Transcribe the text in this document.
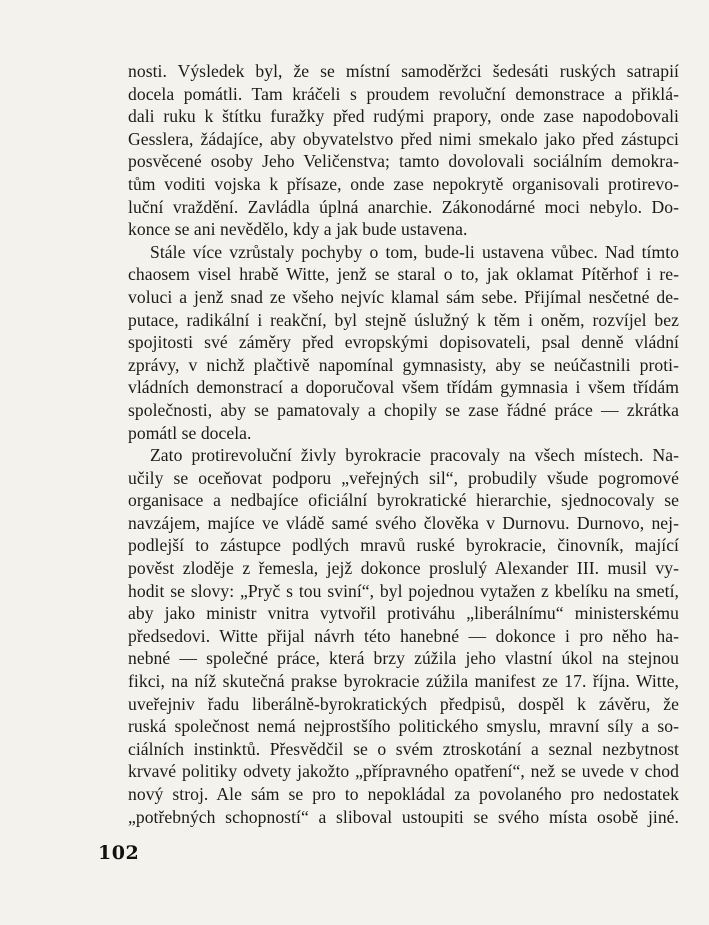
nosti. Výsledek byl, že se místní samoděržci šedesáti ruských satrapií
docela pomátli. Tam kráčeli s proudem revoluční demonstrace a přiklá-
dali ruku k štítku furažky před rudými prapory, onde zase napodobovali
Gesslera, žádajíce, aby obyvatelstvo před nimi smekalo jako před zástupci
posvěcené osoby Jeho Veličenstva; tamto dovolovali sociálním demokra-
tům voditi vojska k přísaze, onde zase nepokrytě organisovali protirevo-
luční vraždění. Zavládla úplná anarchie. Zákonodárné moci nebylo. Do-
konce se ani nevědělo, kdy a jak bude ustavena.
Stále více vzrůstaly pochyby o tom, bude-li ustavena vůbec. Nad tímto
chaosem visel hrabě Witte, jenž se staral o to, jak oklamat Pítěrhof i re-
voluci a jenž snad ze všeho nejvíc klamal sám sebe. Přijímal nesčetné de-
putace, radikální i reakční, byl stejně úslužný k těm i oněm, rozvíjel bez
spojitosti své záměry před evropskými dopisovateli, psal denně vládní
zprávy, v nichž plačtivě napomínal gymnasisty, aby se neúčastnili proti-
vládních demonstrací a doporučoval všem třídám gymnasia i všem třídám
společnosti, aby se pamatovaly a chopily se zase řádné práce — zkrátka
pomátl se docela.
Zato protirevoluční živly byrokracie pracovaly na všech místech. Na-
učily se oceňovat podporu „veřejných sil“, probudily všude pogromové
organisace a nedbajíce oficiální byrokratické hierarchie, sjednocovaly se
navzájem, majíce ve vládě samé svého člověka v Durnovu. Durnovo, nej-
podlejší to zástupce podlých mravů ruské byrokracie, činovník, mající
pověst zloděje z řemesla, jejž dokonce proslulý Alexander III. musil vy-
hodit se slovy: „Pryč s tou sviní“, byl pojednou vytažen z kbelíku na smetí,
aby jako ministr vnitra vytvořil protiváhu „liberálnímu“ ministerskému
předsedovi. Witte přijal návrh této hanebné — dokonce i pro něho ha-
nebné — společné práce, která brzy zúžila jeho vlastní úkol na stejnou
fikci, na níž skutečná prakse byrokracie zúžila manifest ze 17. října. Witte,
uveřejniv řadu liberálně-byrokratických předpisů, dospěl k závěru, že
ruská společnost nemá nejprostšího politického smyslu, mravní síly a so-
ciálních instinktů. Přesvědčil se o svém ztroskotání a seznal nezbytnost
krvavé politiky odvety jakožto „přípravného opatření“, než se uvede v chod
nový stroj. Ale sám se pro to nepokládal za povolaného pro nedostatek
„potřebných schopností“ a sliboval ustoupiti se svého místa osobě jiné.
102
